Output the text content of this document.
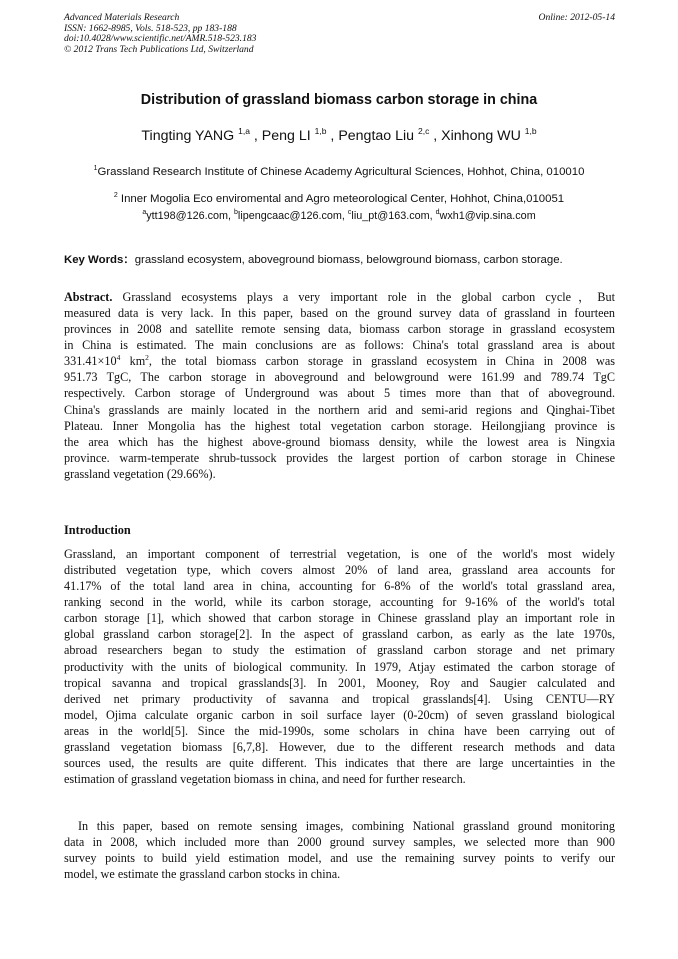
Advanced Materials Research
ISSN: 1662-8985, Vols. 518-523, pp 183-188
doi:10.4028/www.scientific.net/AMR.518-523.183
© 2012 Trans Tech Publications Ltd, Switzerland
Online: 2012-05-14
Distribution of grassland biomass carbon storage in china
Tingting YANG $^{1,a}$ , Peng LI $^{1,b}$ , Pengtao Liu $^{2,c}$ , Xinhong WU $^{1,b}$
$^1$Grassland Research Institute of Chinese Academy Agricultural Sciences, Hohhot, China, 010010
$^2$ Inner Mogolia Eco enviromental and Agro meteorological Center, Hohhot, China,010051
$^a$ytt198@126.com, $^b$lipengcaac@126.com, $^c$liu_pt@163.com, $^d$wxh1@vip.sina.com
Key Words：grassland ecosystem, aboveground biomass, belowground biomass, carbon storage.
Abstract. Grassland ecosystems plays a very important role in the global carbon cycle，But
measured data is very lack. In this paper, based on the ground survey data of grassland in fourteen
provinces in 2008 and satellite remote sensing data, biomass carbon storage in grassland ecosystem
in China is estimated. The main conclusions are as follows: China's total grassland area is about
$331.41\times 10^4$ $km^2$, the total biomass carbon storage in grassland ecosystem in China in 2008 was
951.73 TgC, The carbon storage in aboveground and belowground were 161.99 and 789.74 TgC
respectively. Carbon storage of Underground was about 5 times more than that of aboveground.
China's grasslands are mainly located in the northern arid and semi-arid regions and Qinghai-Tibet
Plateau. Inner Mongolia has the highest total vegetation carbon storage. Heilongjiang province is
the area which has the highest above-ground biomass density, while the lowest area is Ningxia
province. warm-temperate shrub-tussock provides the largest portion of carbon storage in Chinese
grassland vegetation (29.66%).
Introduction
Grassland, an important component of terrestrial vegetation, is one of the world's most widely
distributed vegetation type, which covers almost 20% of land area, grassland area accounts for
41.17% of the total land area in china, accounting for 6-8% of the world's total grassland area,
ranking second in the world, while its carbon storage, accounting for 9-16% of the world's total
carbon storage [1], which showed that carbon storage in Chinese grassland play an important role in
global grassland carbon storage[2]. In the aspect of grassland carbon, as early as the late 1970s,
abroad researchers began to study the estimation of grassland carbon storage and net primary
productivity with the units of biological community. In 1979, Atjay estimated the carbon storage of
tropical savanna and tropical grasslands[3]. In 2001, Mooney, Roy and Saugier calculated and
derived net primary productivity of savanna and tropical grasslands[4]. Using CENTU—RY
model, Ojima calculate organic carbon in soil surface layer (0-20cm) of seven grassland biological
areas in the world[5]. Since the mid-1990s, some scholars in china have been carrying out of
grassland vegetation biomass [6,7,8]. However, due to the different research methods and data
sources used, the results are quite different. This indicates that there are large uncertainties in the
estimation of grassland vegetation biomass in china, and need for further research.
In this paper, based on remote sensing images, combining National grassland ground monitoring
data in 2008, which included more than 2000 ground survey samples, we selected more than 900
survey points to build yield estimation model, and use the remaining survey points to verify our
model, we estimate the grassland carbon stocks in china.
